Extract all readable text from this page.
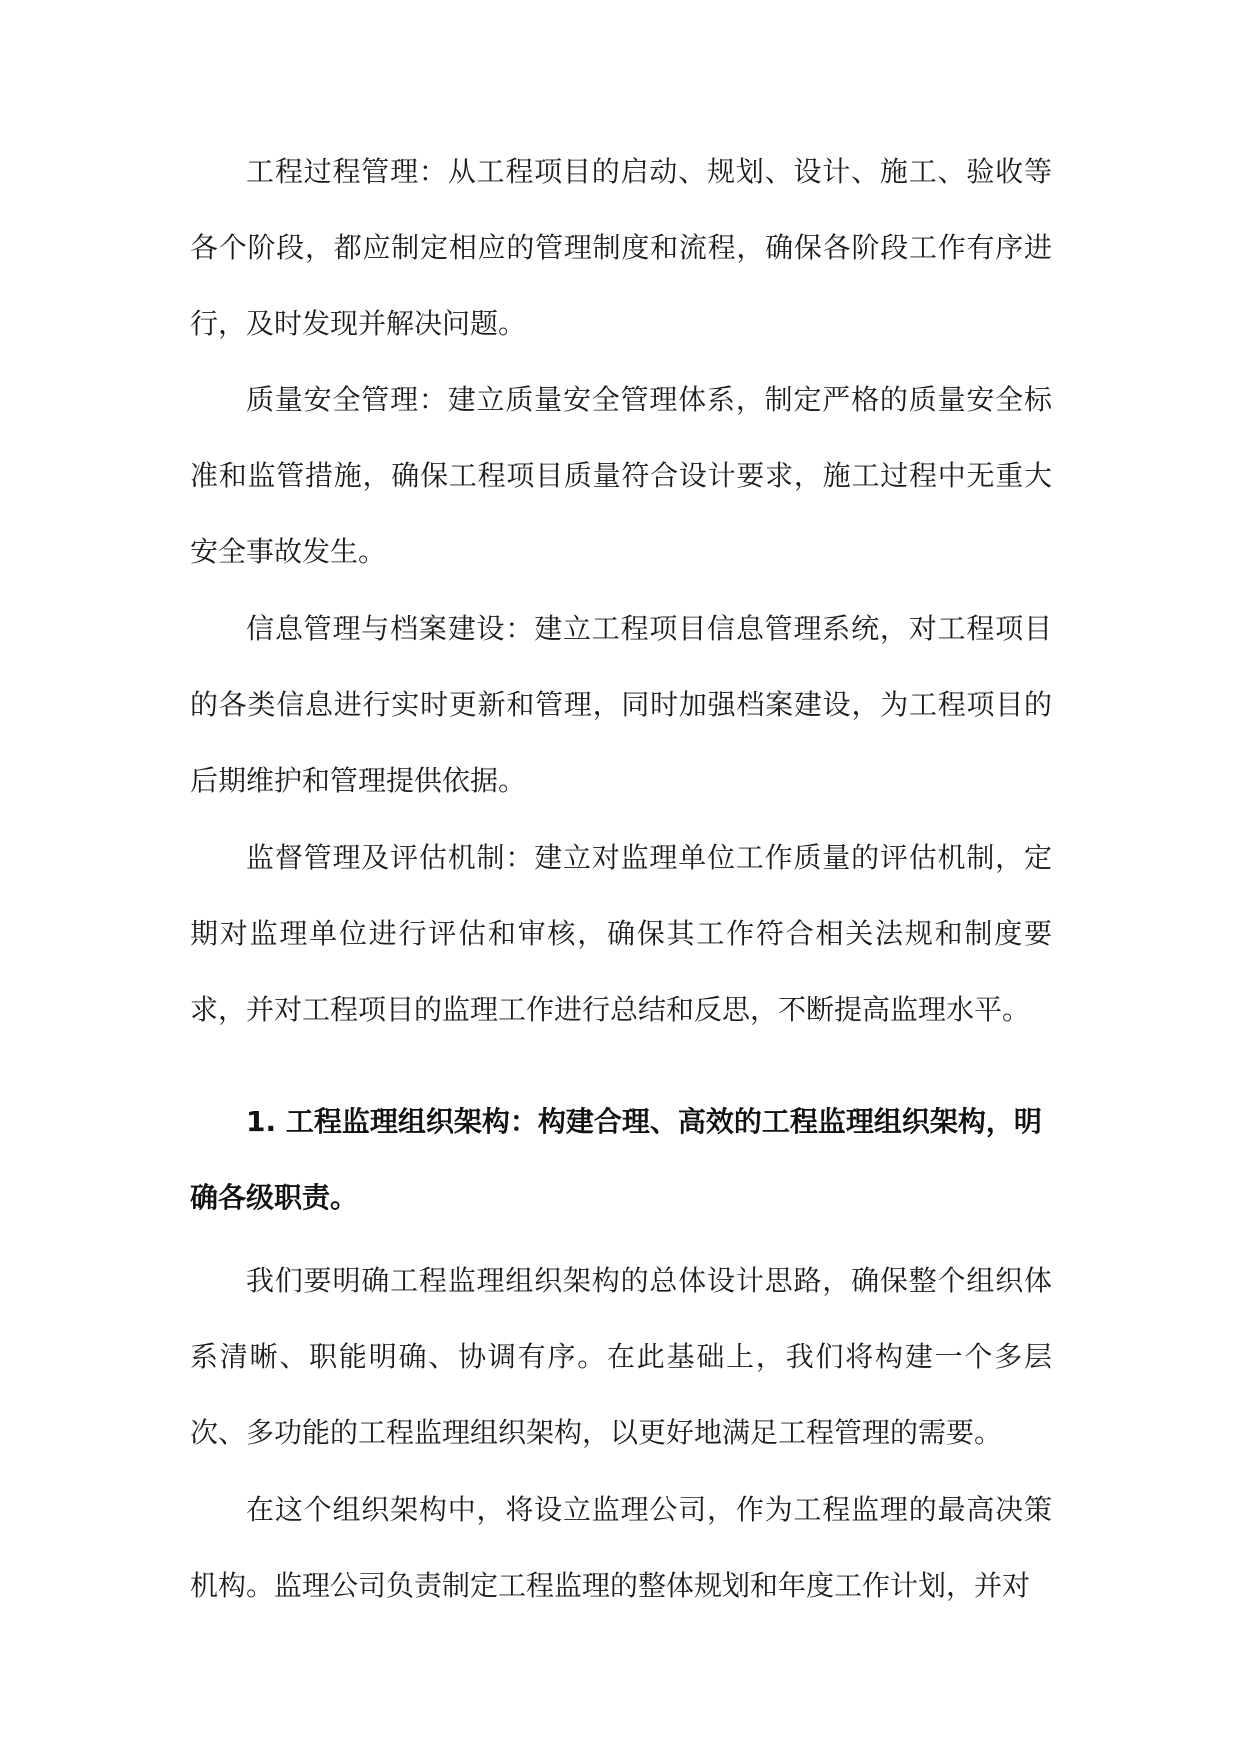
工程过程管理：从工程项目的启动、规划、设计、施工、验收等各个阶段，都应制定相应的管理制度和流程，确保各阶段工作有序进行，及时发现并解决问题。

质量安全管理：建立质量安全管理体系，制定严格的质量安全标准和监管措施，确保工程项目质量符合设计要求，施工过程中无重大安全事故发生。

信息管理与档案建设：建立工程项目信息管理系统，对工程项目的各类信息进行实时更新和管理，同时加强档案建设，为工程项目的后期维护和管理提供依据。

监督管理及评估机制：建立对监理单位工作质量的评估机制，定期对监理单位进行评估和审核，确保其工作符合相关法规和制度要求，并对工程项目的监理工作进行总结和反思，不断提高监理水平。

1. 工程监理组织架构：构建合理、高效的工程监理组织架构，明确各级职责。

我们要明确工程监理组织架构的总体设计思路，确保整个组织体系清晰、职能明确、协调有序。在此基础上，我们将构建一个多层次、多功能的工程监理组织架构，以更好地满足工程管理的需要。

在这个组织架构中，将设立监理公司，作为工程监理的最高决策机构。监理公司负责制定工程监理的整体规划和年度工作计划，并对
